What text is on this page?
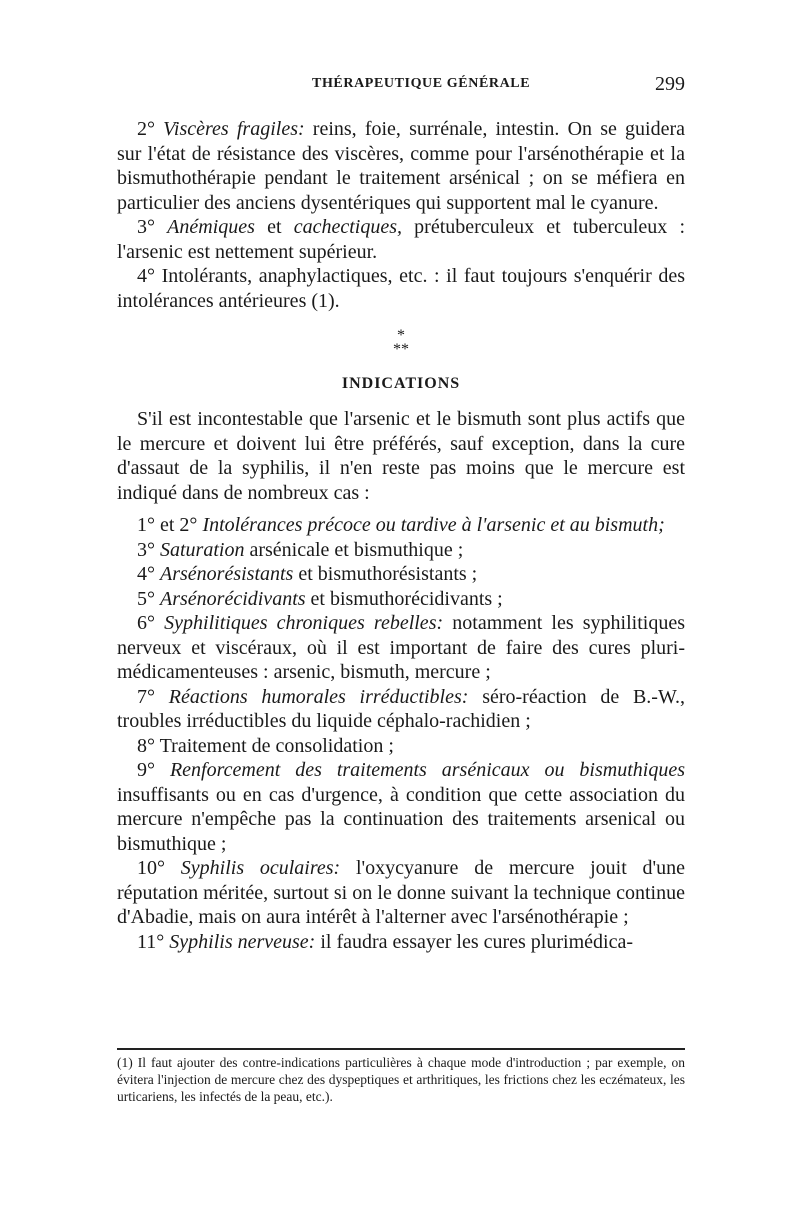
THÉRAPEUTIQUE GÉNÉRALE	299

2° Viscères fragiles: reins, foie, surrénale, intestin. On se guidera sur l'état de résistance des viscères, comme pour l'arsénothérapie et la bismuthothérapie pendant le traitement arsénical ; on se méfiera en particulier des anciens dysentériques qui supportent mal le cyanure.

3° Anémiques et cachectiques, prétuberculeux et tuberculeux : l'arsenic est nettement supérieur.

4° Intolérants, anaphylactiques, etc. : il faut toujours s'enquérir des intolérances antérieures (1).

*
**
INDICATIONS

S'il est incontestable que l'arsenic et le bismuth sont plus actifs que le mercure et doivent lui être préférés, sauf exception, dans la cure d'assaut de la syphilis, il n'en reste pas moins que le mercure est indiqué dans de nombreux cas :

1° et 2° Intolérances précoce ou tardive à l'arsenic et au bismuth;

3° Saturation arsénicale et bismuthique ;

4° Arsénorésistants et bismuthorésistants ;

5° Arsénorécidivants et bismuthorécidivants ;

6° Syphilitiques chroniques rebelles: notamment les syphilitiques nerveux et viscéraux, où il est important de faire des cures pluri-médicamenteuses : arsenic, bismuth, mercure ;

7° Réactions humorales irréductibles: séro-réaction de B.-W., troubles irréductibles du liquide céphalo-rachidien ;

8° Traitement de consolidation ;

9° Renforcement des traitements arsénicaux ou bismuthiques insuffisants ou en cas d'urgence, à condition que cette association du mercure n'empêche pas la continuation des traitements arsenical ou bismuthique ;

10° Syphilis oculaires: l'oxycyanure de mercure jouit d'une réputation méritée, surtout si on le donne suivant la technique continue d'Abadie, mais on aura intérêt à l'alterner avec l'arsénothérapie ;

11° Syphilis nerveuse: il faudra essayer les cures plurimédica-

(1) Il faut ajouter des contre-indications particulières à chaque mode d'introduction ; par exemple, on évitera l'injection de mercure chez des dyspeptiques et arthritiques, les frictions chez les eczémateux, les urticariens, les infectés de la peau, etc.).
